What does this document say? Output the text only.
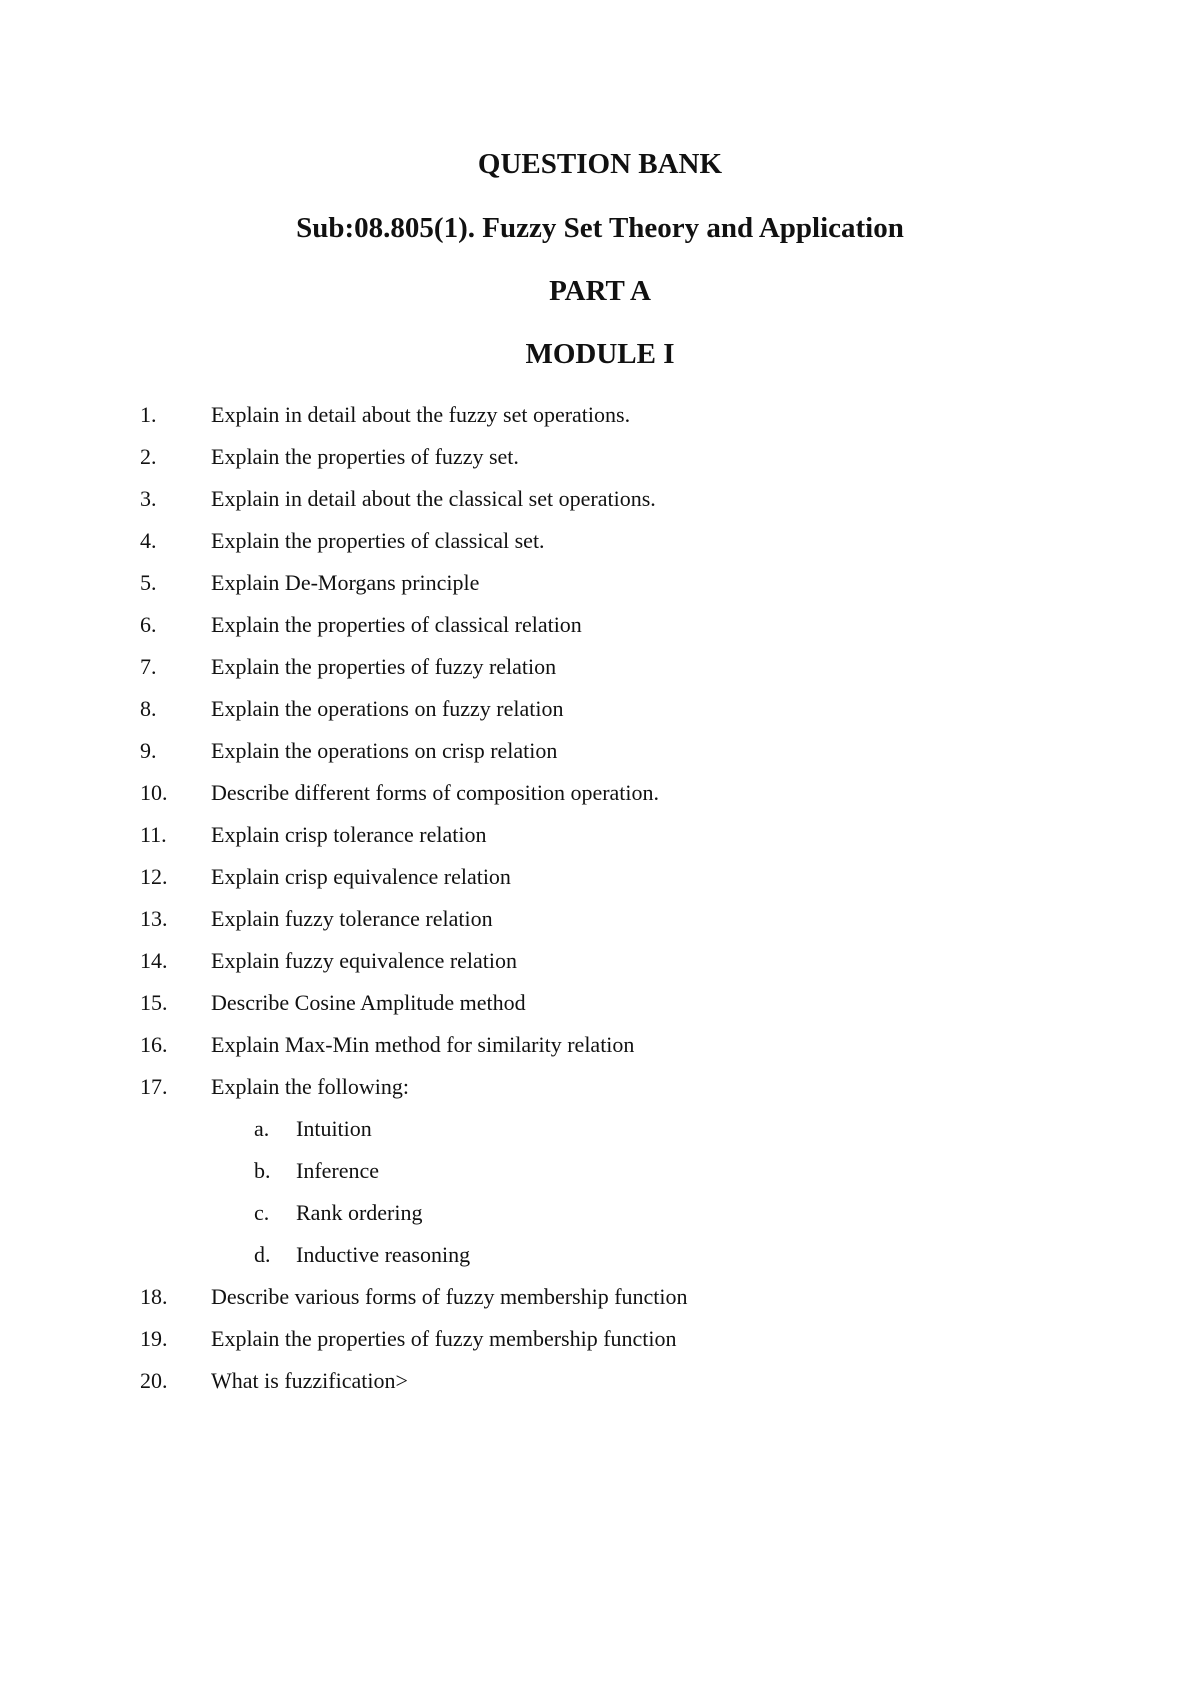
QUESTION BANK
Sub:08.805(1). Fuzzy Set Theory and Application
PART A
MODULE I
1. Explain in detail about the fuzzy set operations.
2. Explain the properties of fuzzy set.
3. Explain in detail about the classical set operations.
4. Explain the properties of classical set.
5. Explain De-Morgans principle
6. Explain the properties of classical relation
7. Explain the properties of fuzzy relation
8. Explain the operations on fuzzy relation
9. Explain the operations on crisp relation
10. Describe different forms of composition operation.
11. Explain crisp tolerance relation
12. Explain crisp equivalence relation
13. Explain fuzzy tolerance relation
14. Explain fuzzy equivalence relation
15. Describe Cosine Amplitude method
16. Explain Max-Min method for similarity relation
17. Explain the following:
a. Intuition
b. Inference
c. Rank ordering
d. Inductive reasoning
18. Describe various forms of fuzzy membership function
19. Explain the properties of fuzzy membership function
20. What is fuzzification>
